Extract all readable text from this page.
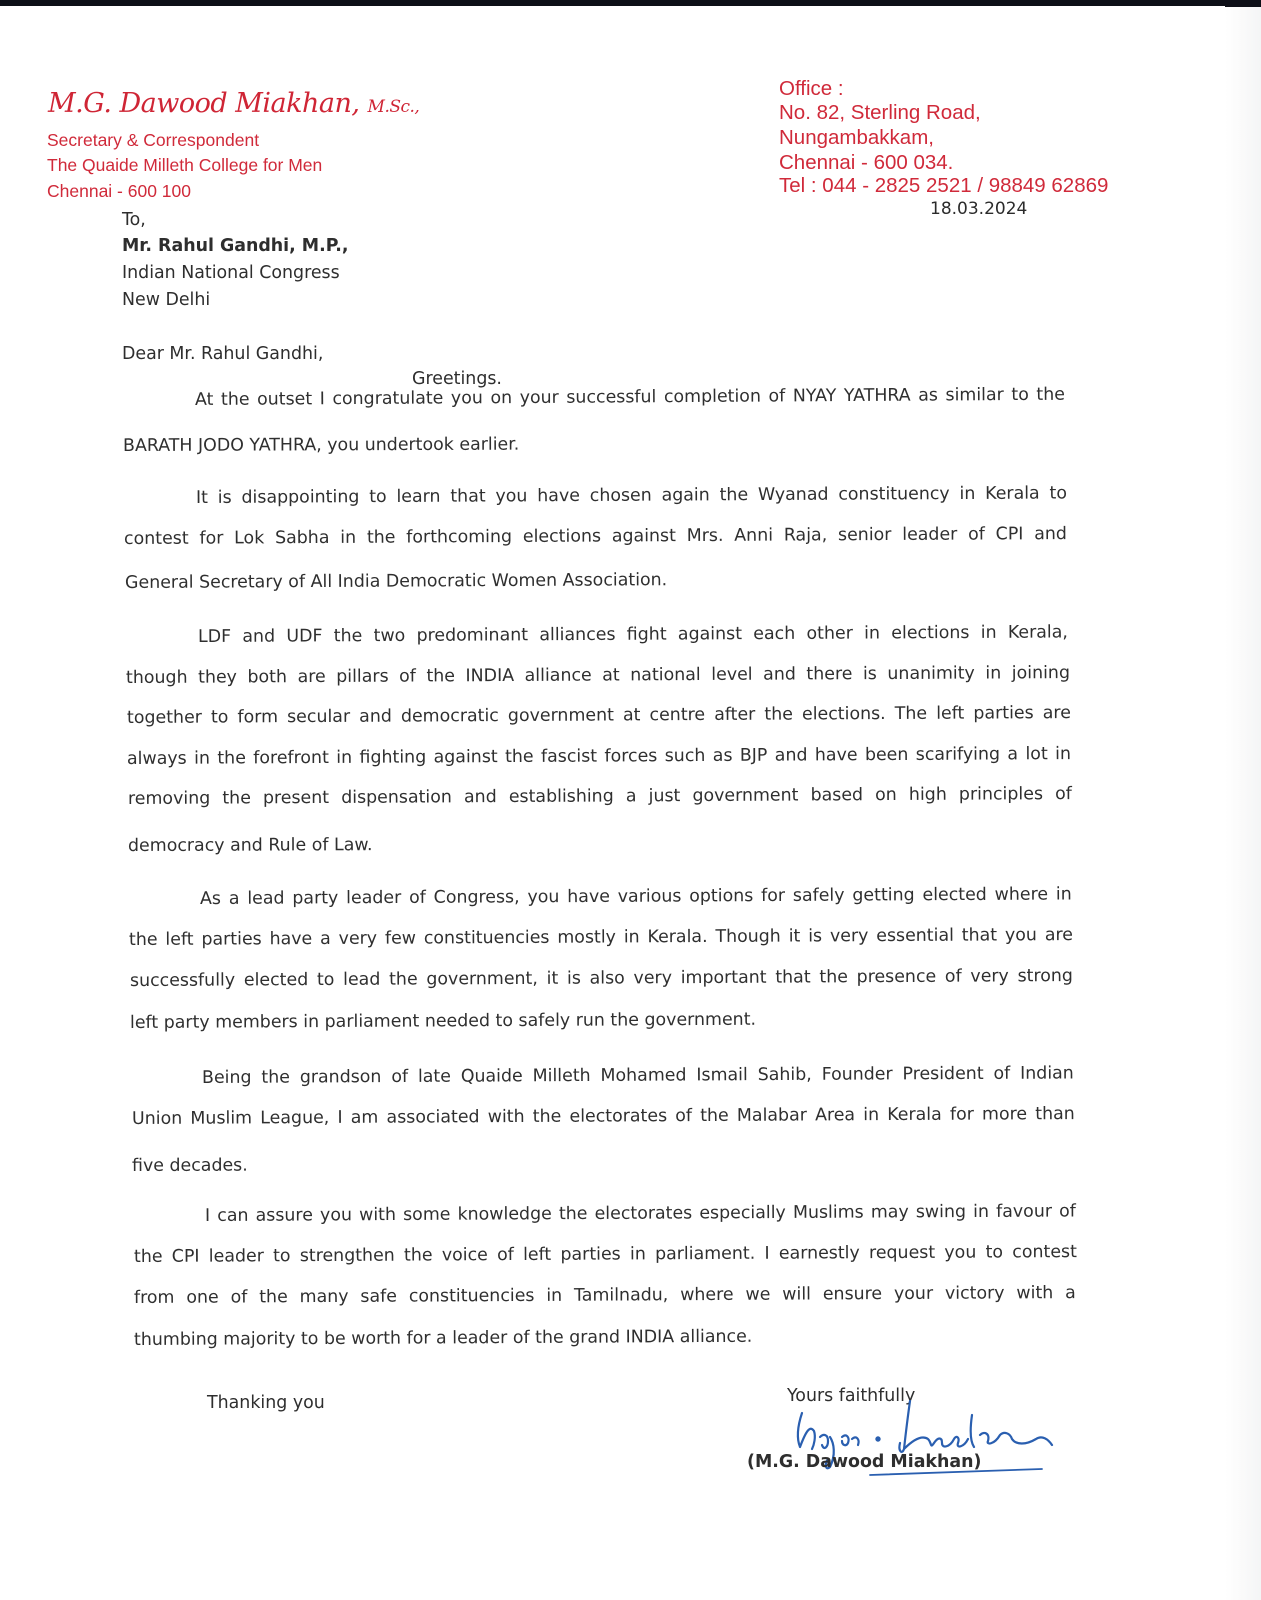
M.G. Dawood Miakhan, M.Sc.,
Secretary & Correspondent
The Quaide Milleth College for Men
Chennai - 600 100
Office :
No. 82, Sterling Road,
Nungambakkam,
Chennai - 600 034.
Tel : 044 - 2825 2521 / 98849 62869
18.03.2024
To,
Mr. Rahul Gandhi, M.P.,
Indian National Congress
New Delhi
Dear Mr. Rahul Gandhi,
Greetings.
At the outset I congratulate you on your successful completion of NYAY YATHRA as similar to the
BARATH JODO YATHRA, you undertook earlier.
It is disappointing to learn that you have chosen again the Wyanad constituency in Kerala to
contest for Lok Sabha in the forthcoming elections against Mrs. Anni Raja, senior leader of CPI and
General Secretary of All India Democratic Women Association.
LDF and UDF the two predominant alliances fight against each other in elections in Kerala,
though they both are pillars of the INDIA alliance at national level and there is unanimity in joining
together to form secular and democratic government at centre after the elections. The left parties are
always in the forefront in fighting against the fascist forces such as BJP and have been scarifying a lot in
removing the present dispensation and establishing a just government based on high principles of
democracy and Rule of Law.
As a lead party leader of Congress, you have various options for safely getting elected where in
the left parties have a very few constituencies mostly in Kerala. Though it is very essential that you are
successfully elected to lead the government, it is also very important that the presence of very strong
left party members in parliament needed to safely run the government.
Being the grandson of late Quaide Milleth Mohamed Ismail Sahib, Founder President of Indian
Union Muslim League, I am associated with the electorates of the Malabar Area in Kerala for more than
five decades.
I can assure you with some knowledge the electorates especially Muslims may swing in favour of
the CPI leader to strengthen the voice of left parties in parliament. I earnestly request you to contest
from one of the many safe constituencies in Tamilnadu, where we will ensure your victory with a
thumbing majority to be worth for a leader of the grand INDIA alliance.
Thanking you	Yours faithfully
(M.G. Dawood Miakhan)
